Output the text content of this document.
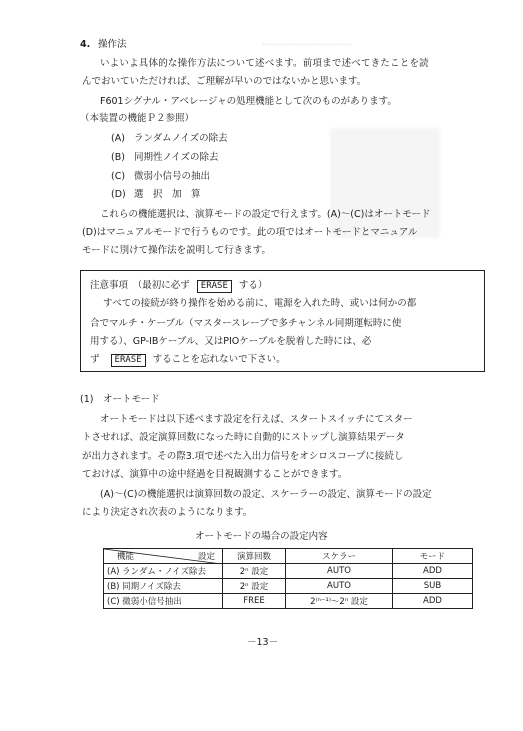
…………………………
4. 操作法
いよいよ具体的な操作方法について述べます。前項まで述べてきたことを読
んでおいていただければ、ご理解が早いのではないかと思います。
F601シグナル・アベレージャの処理機能として次のものがあります。
（本装置の機能Ｐ２参照）
(A) ランダムノイズの除去
(B) 同期性ノイズの除去
(C) 微弱小信号の抽出
(D) 選　択　加　算
これらの機能選択は、演算モードの設定で行えます。(A)～(C)はオートモード
(D)はマニュアルモードで行うものです。此の項ではオートモードとマニュアル
モードに別けて操作法を説明して行きます。
注意事項　（最初に必ず ERASE する）
すべての接続が終り操作を始める前に、電源を入れた時、或いは何かの都
合でマルチ・ケーブル（マスタースレーブで多チャンネル同期運転時に使
用する）、GP-IBケーブル、又はPIOケーブルを脱着した時には、必
ず ERASE することを忘れないで下さい。
(1)　オートモード
オートモードは以下述べます設定を行えば、スタートスイッチにてスター
トさせれば、設定演算回数になった時に自動的にストップし演算結果データ
が出力されます。その際3.項で述べた入出力信号をオシロスコープに接続し
ておけば、演算中の途中経過を目視観測することができます。
(A)～(C)の機能選択は演算回数の設定、スケーラーの設定、演算モードの設定
により決定され次表のようになります。
オートモードの場合の設定内容
機能 設定	演算回数	スケラー	モード
(A) ランダム・ノイズ除去	2ⁿ 設定	AUTO	ADD
(B) 同期ノイズ除去	2ⁿ 設定	AUTO	SUB
(C) 微弱小信号抽出	FREE	2⁽ⁿ⁻¹⁾～2ⁿ 設定	ADD
－13－
